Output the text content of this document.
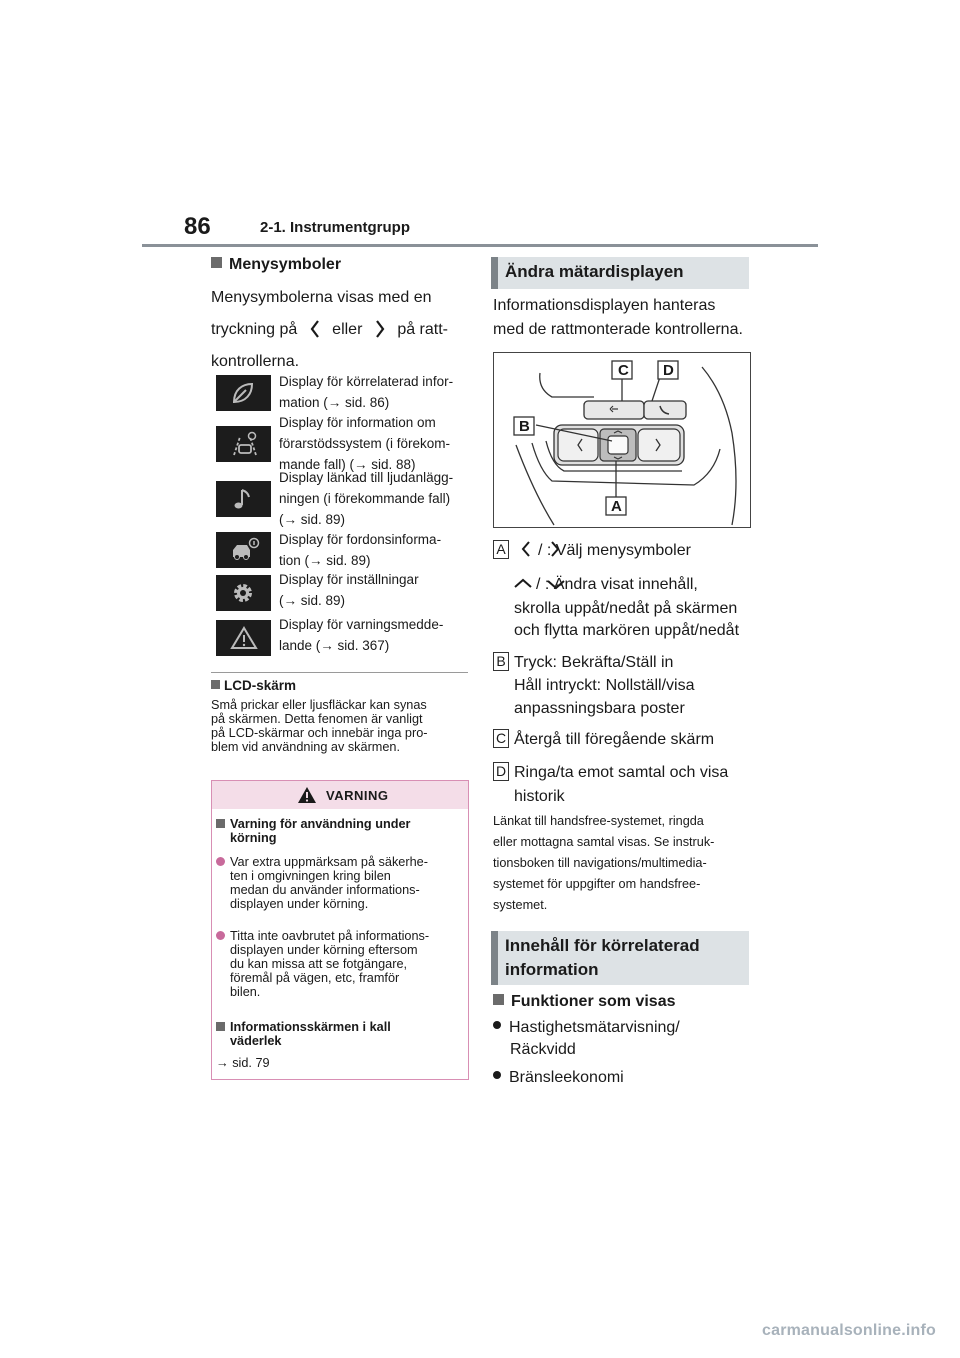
86	2-1. Instrumentgrupp
Menysymboler
Menysymbolerna visas med en
tryckning på eller på ratt-
kontrollerna.
Display för körrelaterad infor-
mation (→ sid. 86)
Display för information om
förarstödssystem (i förekom-
mande fall) (→ sid. 88)
Display länkad till ljudanlägg-
ningen (i förekommande fall)
(→ sid. 89)
Display för fordonsinforma-
tion (→ sid. 89)
Display för inställningar
(→ sid. 89)
Display för varningsmedde-
lande (→ sid. 367)
LCD-skärm
Små prickar eller ljusfläckar kan synas
på skärmen. Detta fenomen är vanligt
på LCD-skärmar och innebär inga pro-
blem vid användning av skärmen.
VARNING
Varning för användning under
körning
Var extra uppmärksam på säkerhe-
ten i omgivningen kring bilen
medan du använder informations-
displayen under körning.
Titta inte oavbrutet på informations-
displayen under körning eftersom
du kan missa att se fotgängare,
föremål på vägen, etc, framför
bilen.
Informationsskärmen i kall
väderlek
→ sid. 79
Ändra mätardisplayen
Informationsdisplayen hanteras
med de rattmonterade kontrollerna.
C D
B
A
A	/ : Välj menysymboler
/ : Ändra visat innehåll,
skrolla uppåt/nedåt på skärmen
och flytta markören uppåt/nedåt
B Tryck: Bekräfta/Ställ in
Håll intryckt: Nollställ/visa
anpassningsbara poster
C Återgå till föregående skärm
D Ringa/ta emot samtal och visa
historik
Länkat till handsfree-systemet, ringda
eller mottagna samtal visas. Se instruk-
tionsboken till navigations/multimedia-
systemet för uppgifter om handsfree-
systemet.
Innehåll för körrelaterad
information
Funktioner som visas
Hastighetsmätarvisning/
Räckvidd
Bränsleekonomi
carmanualsonline.info
